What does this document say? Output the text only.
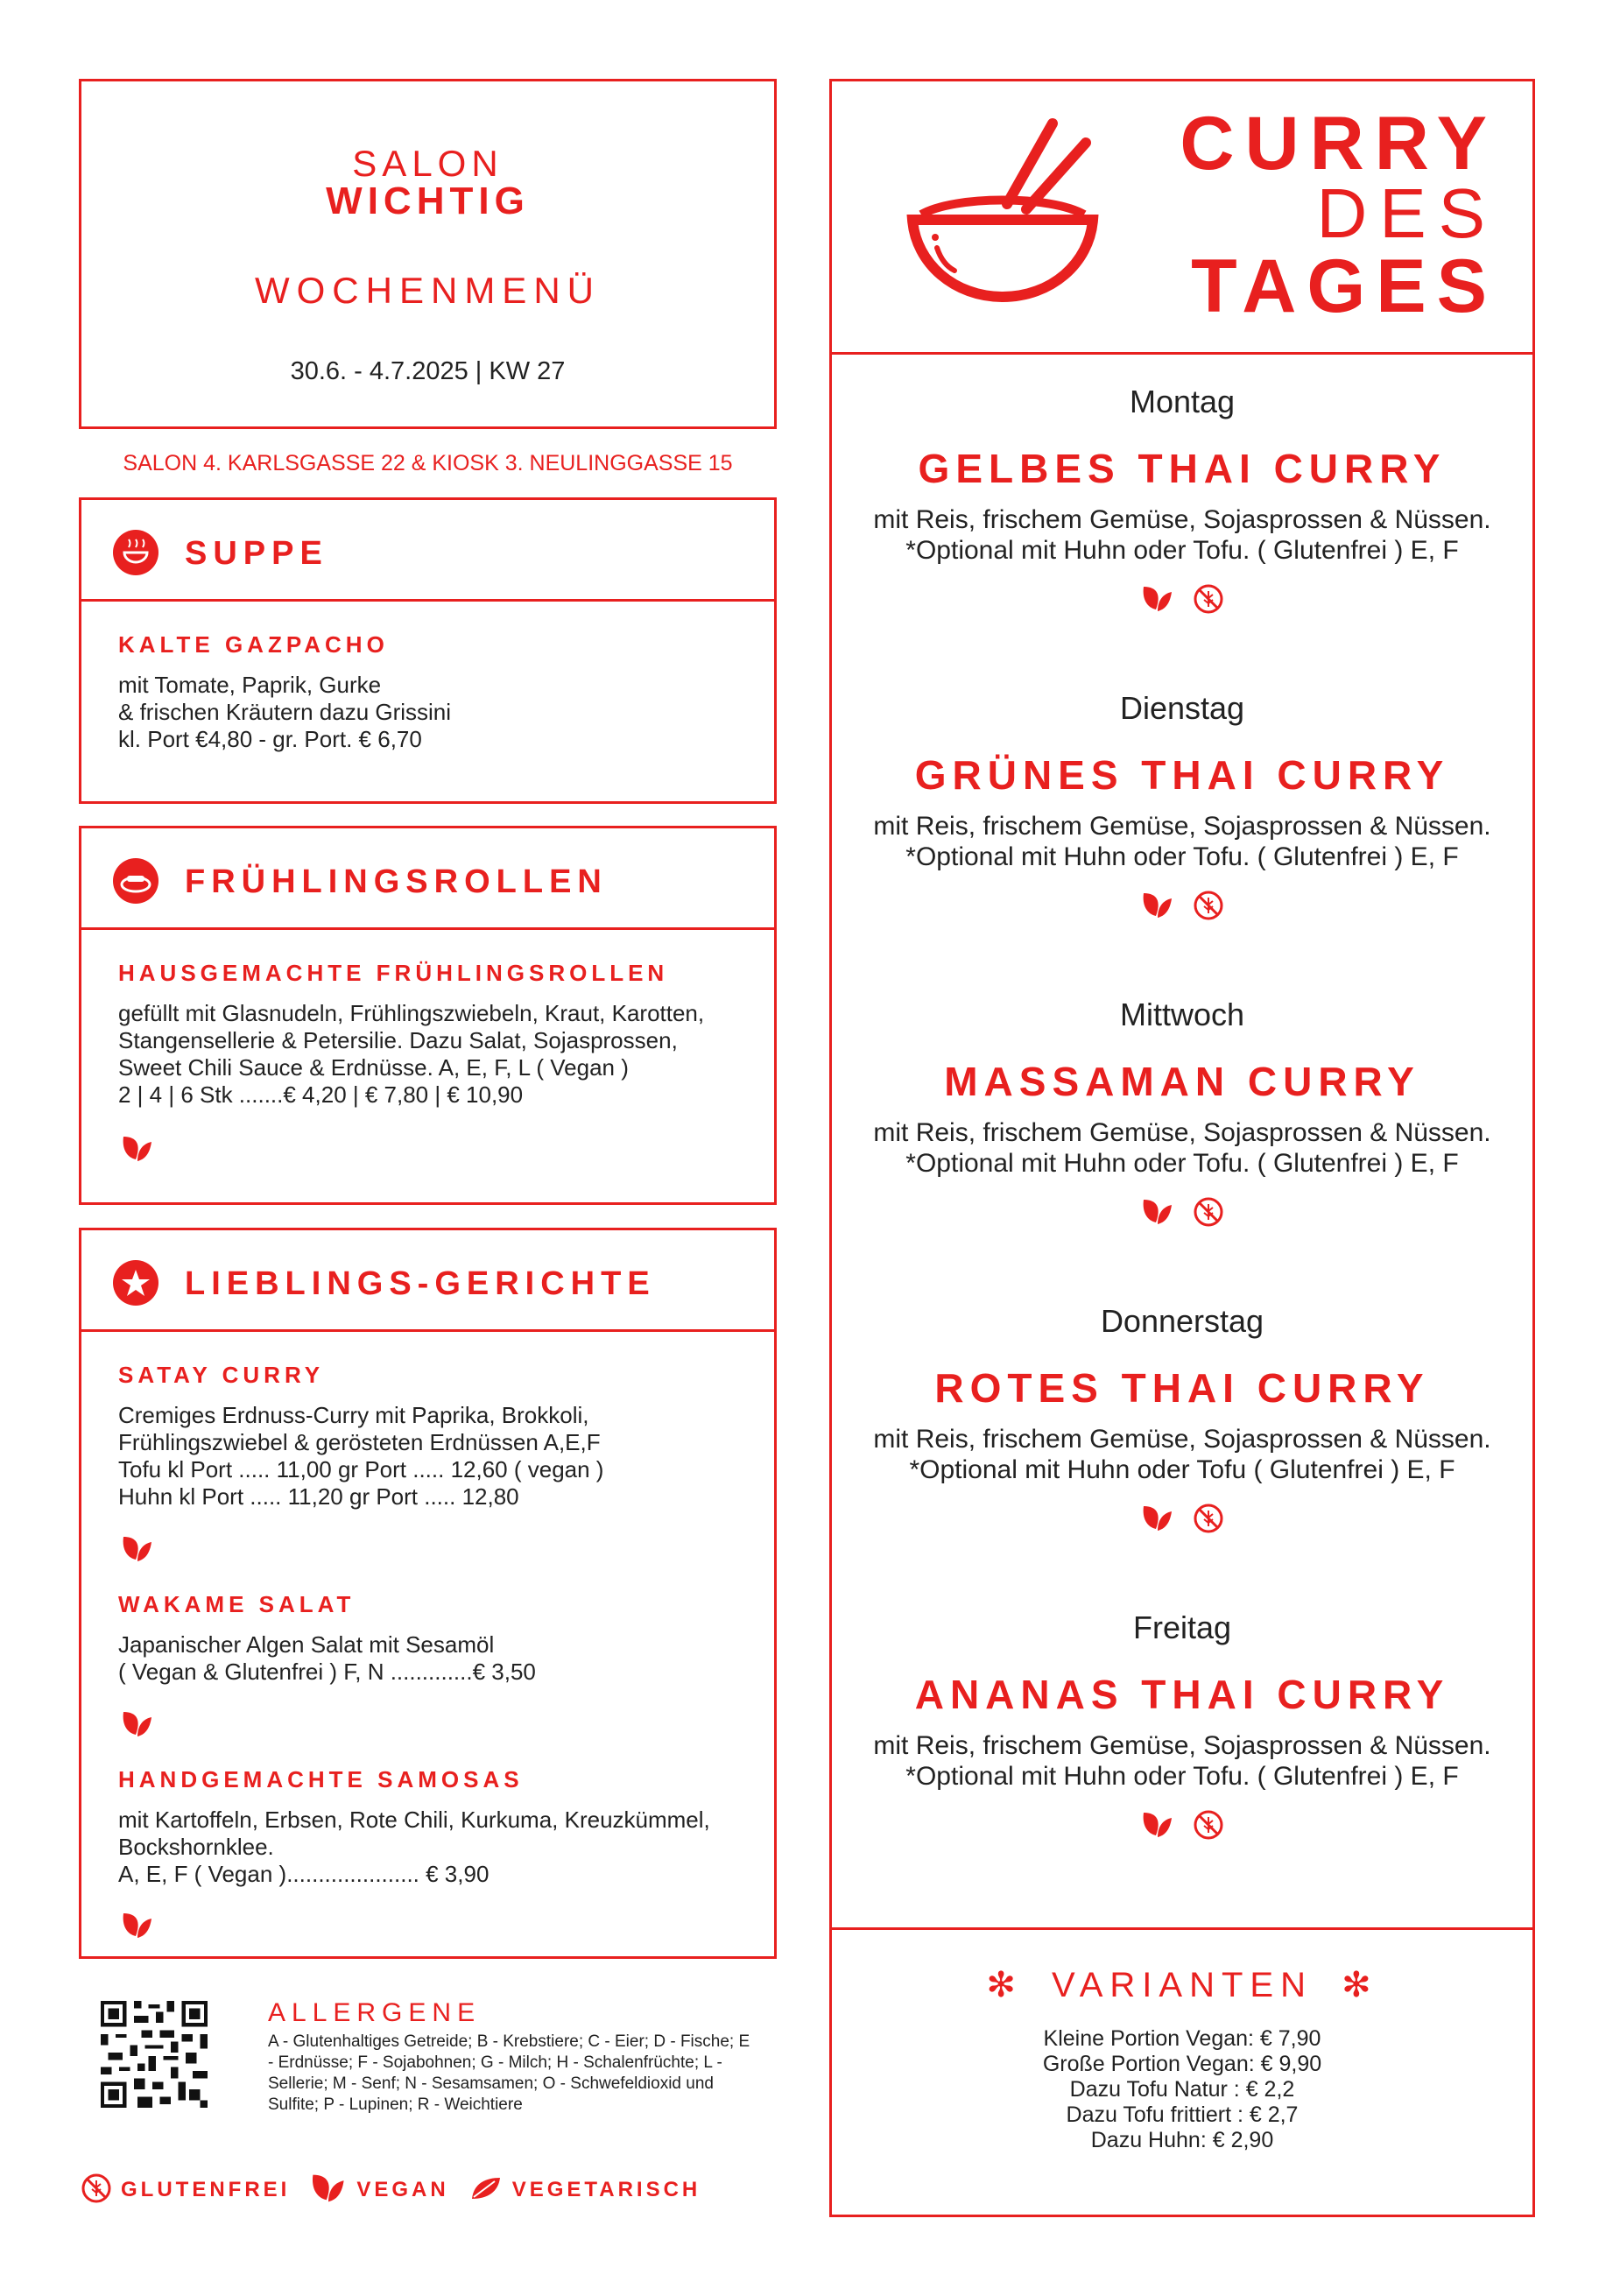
SALON
WICHTIG
WOCHENMENÜ
30.6. - 4.7.2025 | KW 27
SALON 4. KARLSGASSE 22 & KIOSK 3. NEULINGGASSE 15
SUPPE
KALTE GAZPACHO
mit Tomate, Paprik, Gurke
& frischen Kräutern dazu Grissini
kl. Port €4,80 - gr. Port. € 6,70
FRÜHLINGSROLLEN
HAUSGEMACHTE FRÜHLINGSROLLEN
gefüllt mit Glasnudeln, Frühlingszwiebeln, Kraut, Karotten,
Stangensellerie & Petersilie. Dazu Salat, Sojasprossen,
Sweet Chili Sauce & Erdnüsse. A, E, F, L ( Vegan )
2 | 4 | 6 Stk .......€ 4,20 | € 7,80 | € 10,90
LIEBLINGS-GERICHTE
SATAY CURRY
Cremiges Erdnuss-Curry mit Paprika, Brokkoli,
Frühlingszwiebel & gerösteten Erdnüssen A,E,F
Tofu kl Port ..... 11,00 gr Port ..... 12,60 ( vegan )
Huhn kl Port ..... 11,20 gr Port ..... 12,80
WAKAME SALAT
Japanischer Algen Salat mit Sesamöl
( Vegan & Glutenfrei ) F, N .............€ 3,50
HANDGEMACHTE SAMOSAS
mit Kartoffeln, Erbsen, Rote Chili, Kurkuma, Kreuzkümmel,
Bockshornklee.
A, E, F ( Vegan )..................... € 3,90
ALLERGENE
A - Glutenhaltiges Getreide; B - Krebstiere; C - Eier; D - Fische; E - Erdnüsse; F - Sojabohnen; G - Milch; H - Schalenfrüchte; L - Sellerie; M - Senf; N - Sesamsamen; O - Schwefeldioxid und Sulfite; P - Lupinen; R - Weichtiere
GLUTENFREI	VEGAN	VEGETARISCH
CURRY
DES
TAGES
Montag
GELBES THAI CURRY
mit Reis, frischem Gemüse, Sojasprossen & Nüssen.
*Optional mit Huhn oder Tofu. ( Glutenfrei ) E, F

Dienstag
GRÜNES THAI CURRY
mit Reis, frischem Gemüse, Sojasprossen & Nüssen.
*Optional mit Huhn oder Tofu. ( Glutenfrei ) E, F

Mittwoch
MASSAMAN CURRY
mit Reis, frischem Gemüse, Sojasprossen & Nüssen.
*Optional mit Huhn oder Tofu. ( Glutenfrei ) E, F

Donnerstag
ROTES THAI CURRY
mit Reis, frischem Gemüse, Sojasprossen & Nüssen.
*Optional mit Huhn oder Tofu ( Glutenfrei ) E, F

Freitag
ANANAS THAI CURRY
mit Reis, frischem Gemüse, Sojasprossen & Nüssen.
*Optional mit Huhn oder Tofu. ( Glutenfrei ) E, F

✻ VARIANTEN ✻
Kleine Portion Vegan: € 7,90
Große Portion Vegan: € 9,90
Dazu Tofu Natur : € 2,2
Dazu Tofu frittiert : € 2,7
Dazu Huhn: € 2,90
